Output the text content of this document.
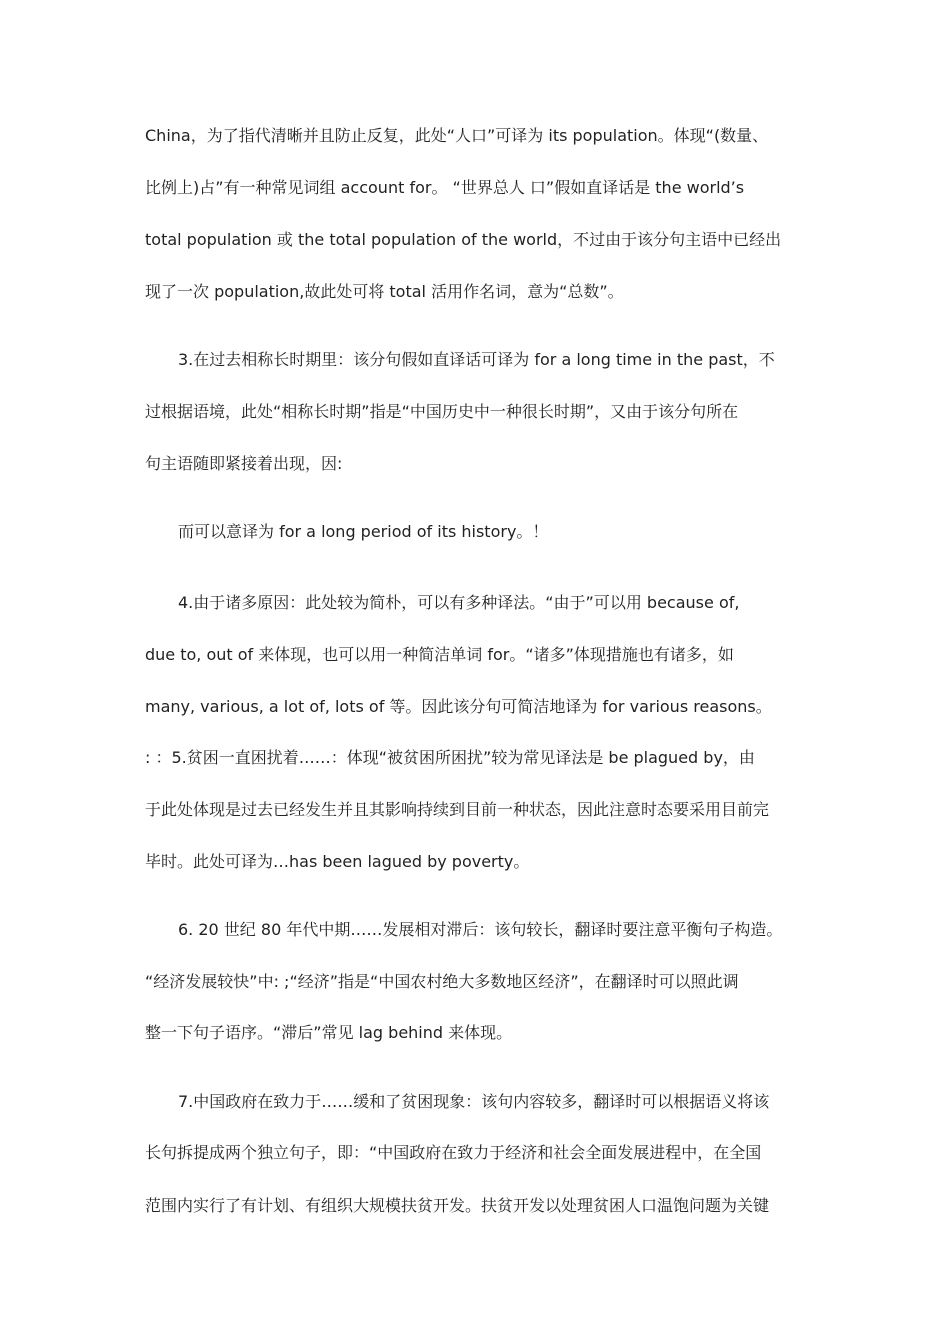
China，为了指代清晰并且防止反复，此处“人口”可译为 its population。体现“(数量、
比例上)占”有一种常见词组 account for。 “世界总人 口”假如直译话是 the world’s
total population 或 the total population of the world，不过由于该分句主语中已经出
现了一次 population,故此处可将 total 活用作名词，意为“总数”。
3.在过去相称长时期里：该分句假如直译话可译为 for a long time in the past，不
过根据语境，此处“相称长时期”指是“中国历史中一种很长时期”，又由于该分句所在
句主语随即紧接着出现，因:
而可以意译为 for a long period of its history。！
4.由于诸多原因：此处较为简朴，可以有多种译法。“由于”可以用 because of,
due to, out of 来体现，也可以用一种简洁单词 for。“诸多”体现措施也有诸多，如
many, various, a lot of, lots of 等。因此该分句可简洁地译为 for various reasons。
: ：5.贫困一直困扰着……：体现“被贫困所困扰”较为常见译法是 be plagued by，由
于此处体现是过去已经发生并且其影响持续到目前一种状态，因此注意时态要采用目前完
毕时。此处可译为…has been lagued by poverty。
6. 20 世纪 80 年代中期……发展相对滞后：该句较长，翻译时要注意平衡句子构造。
“经济发展较快”中: ;“经济”指是“中国农村绝大多数地区经济”，在翻译时可以照此调
整一下句子语序。“滞后”常见 lag behind 来体现。
7.中国政府在致力于……缓和了贫困现象：该句内容较多，翻译时可以根据语义将该
长句拆提成两个独立句子，即：“中国政府在致力于经济和社会全面发展进程中，在全国
范围内实行了有计划、有组织大规模扶贫开发。扶贫开发以处理贫困人口温饱问题为关键
